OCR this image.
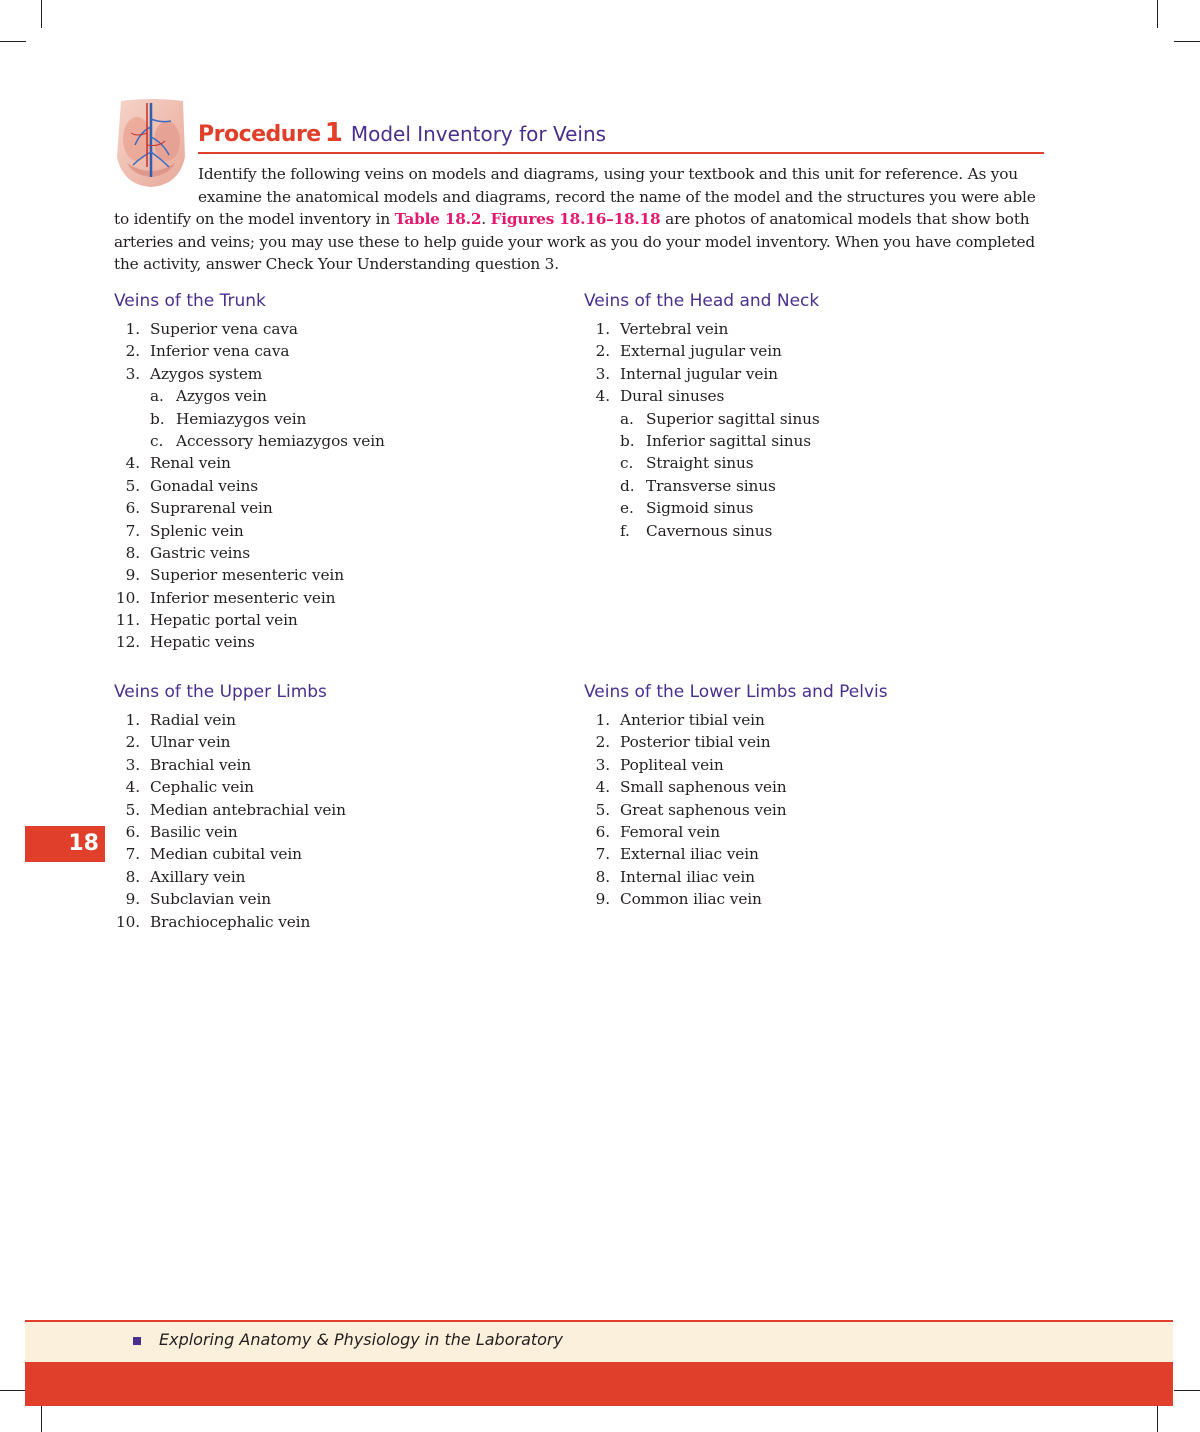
Procedure 1 Model Inventory for Veins
Identify the following veins on models and diagrams, using your textbook and this unit for reference. As you
examine the anatomical models and diagrams, record the name of the model and the structures you were able
to identify on the model inventory in Table 18.2. Figures 18.16–18.18 are photos of anatomical models that show both arteries and veins; you may use these to help guide your work as you do your model inventory. When you have completed the activity, answer Check Your Understanding question 3.
Veins of the Trunk
1. Superior vena cava
2. Inferior vena cava
3. Azygos system
a. Azygos vein
b. Hemiazygos vein
c. Accessory hemiazygos vein
4. Renal vein
5. Gonadal veins
6. Suprarenal vein
7. Splenic vein
8. Gastric veins
9. Superior mesenteric vein
10. Inferior mesenteric vein
11. Hepatic portal vein
12. Hepatic veins
Veins of the Head and Neck
1. Vertebral vein
2. External jugular vein
3. Internal jugular vein
4. Dural sinuses
a. Superior sagittal sinus
b. Inferior sagittal sinus
c. Straight sinus
d. Transverse sinus
e. Sigmoid sinus
f. Cavernous sinus
Veins of the Upper Limbs
1. Radial vein
2. Ulnar vein
3. Brachial vein
4. Cephalic vein
5. Median antebrachial vein
6. Basilic vein
7. Median cubital vein
8. Axillary vein
9. Subclavian vein
10. Brachiocephalic vein
Veins of the Lower Limbs and Pelvis
1. Anterior tibial vein
2. Posterior tibial vein
3. Popliteal vein
4. Small saphenous vein
5. Great saphenous vein
6. Femoral vein
7. External iliac vein
8. Internal iliac vein
9. Common iliac vein
18
Exploring Anatomy & Physiology in the Laboratory
